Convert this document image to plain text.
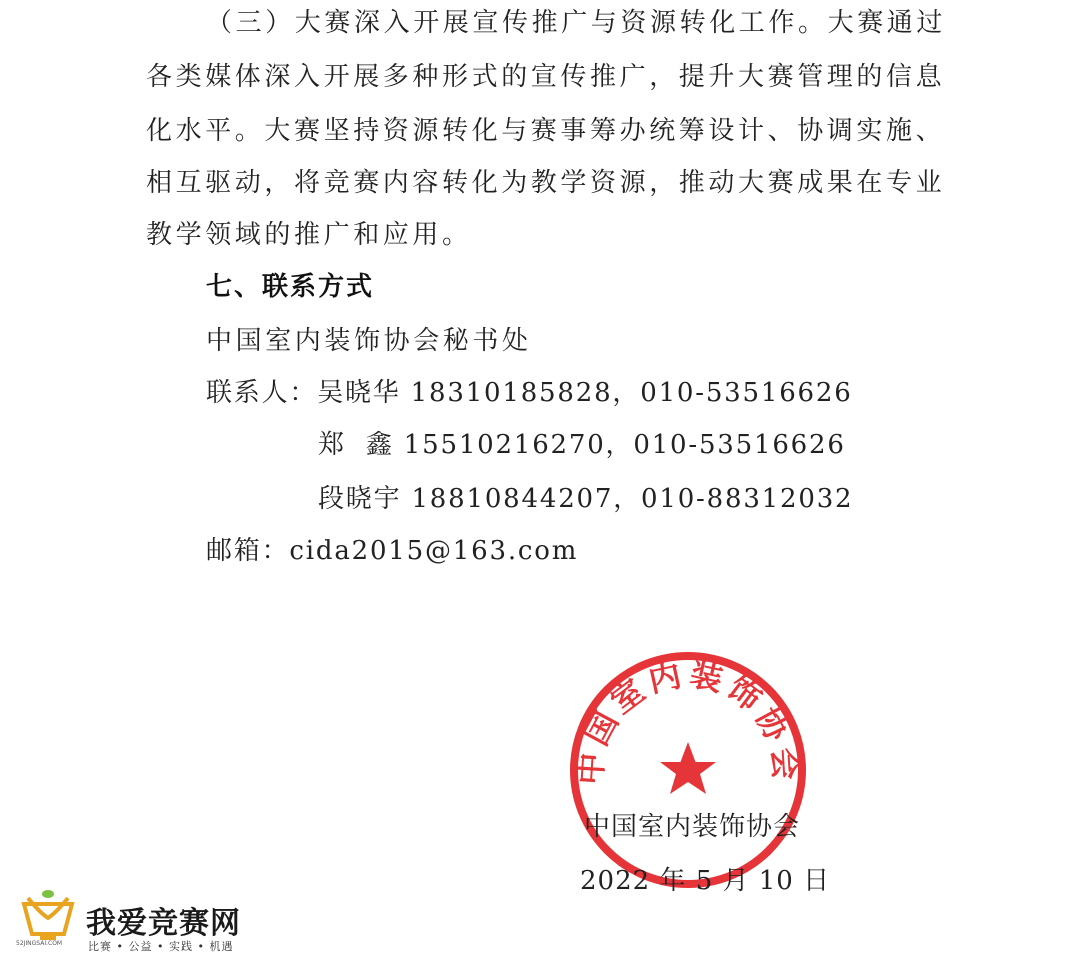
（三）大赛深入开展宣传推广与资源转化工作。大赛通过
各类媒体深入开展多种形式的宣传推广，提升大赛管理的信息
化水平。大赛坚持资源转化与赛事筹办统筹设计、协调实施、
相互驱动，将竞赛内容转化为教学资源，推动大赛成果在专业
教学领域的推广和应用。
七、联系方式
中国室内装饰协会秘书处
联系人：吴晓华 18310185828，010-53516626
郑  鑫 15510216270，010-53516626
段晓宇 18810844207，010-88312032
邮箱：cida2015@163.com
中国室内装饰协会
中国室内装饰协会
2022 年 5 月 10 日
我爱竞赛网
比赛 • 公益 • 实践 • 机遇
52JINGSAI.COM
